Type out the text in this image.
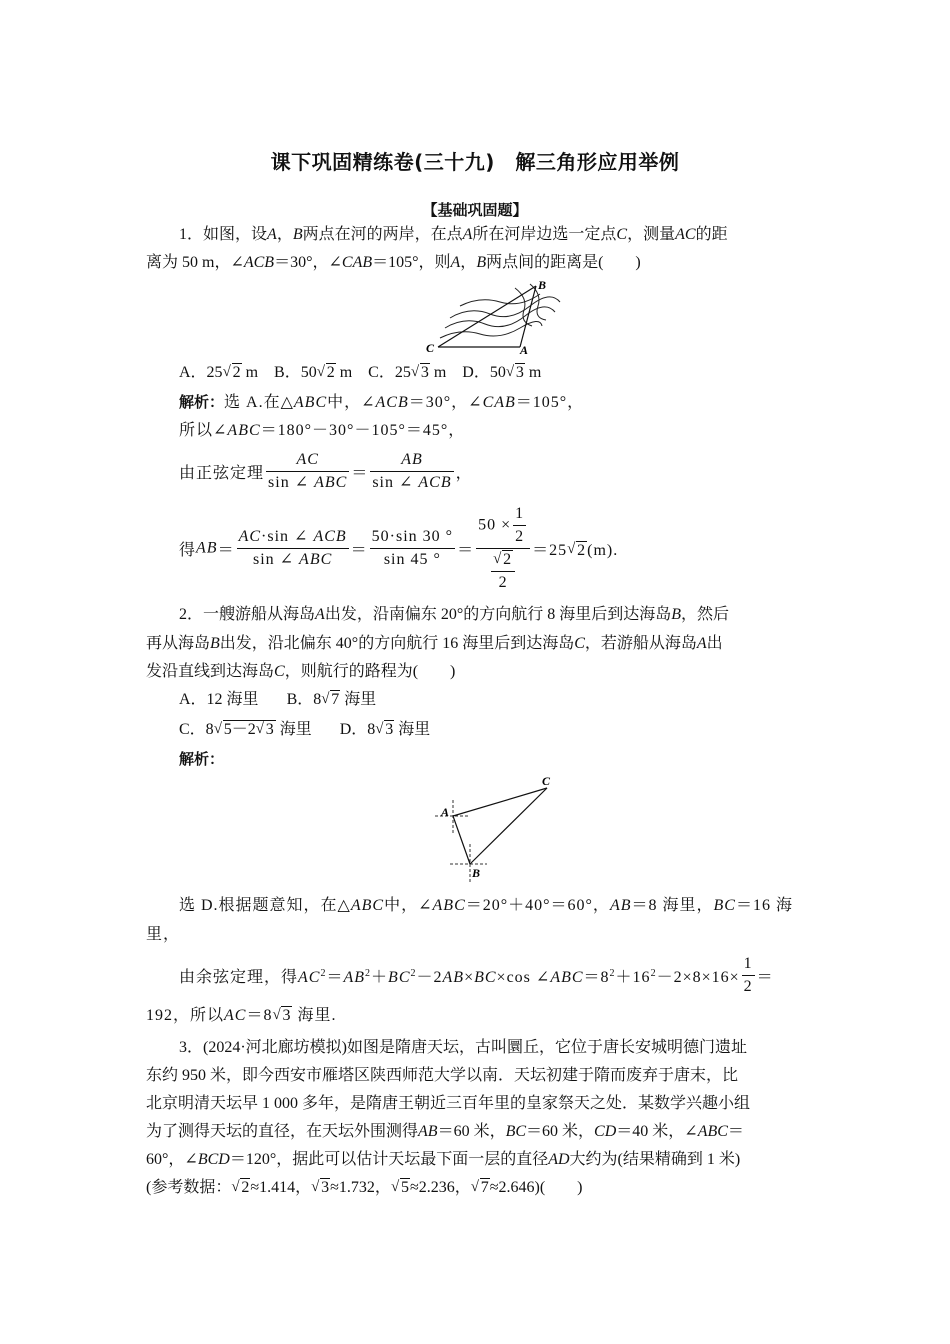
课下巩固精练卷(三十九)　解三角形应用举例
【基础巩固题】
1．如图，设A，B两点在河的两岸，在点A所在河岸边选一定点C，测量AC的距
离为 50 m，∠ACB＝30°，∠CAB＝105°，则A，B两点间的距离是(　　)
B
C	A
A．25√ 2 m B．50√ 2 m C．25√ 3 m D．50√ 3 m
解析：选 A.在△ABC中，∠ACB＝30°，∠CAB＝105°，
所以∠ABC＝180°－30°－105°＝45°，
由正弦定理 $\frac{AC}{\text{sin ∠ ABC}} = \frac{AB}{\text{sin ∠ ACB}}$ ，
得$AB= \frac{\text{AC·sin ∠ ACB}}{\text{sin ∠ ABC}} = \frac{50\cdot\sin 30 ^\circ}{\sin 45 ^\circ} = 50 \times \frac{1}{2}$
√ $\frac{2}{2} =25√$ 2(m).
2．一艘游船从海岛A出发，沿南偏东 20°的方向航行 8 海里后到达海岛B，然后
再从海岛B出发，沿北偏东 40°的方向航行 16 海里后到达海岛C，若游船从海岛A出
发沿直线到达海岛C，则航行的路程为(　　)
A．12 海里 B．8√ 7 海里
C．8√ 5－2√ 3 海里 D．8√ 3 海里
解析：
A
B
C
选 D.根据题意知，在△ABC中，∠ABC＝20°＋40°＝60°，AB＝8 海里，BC＝16 海
里，
由余弦定理，得$AC^2=AB^2+BC^2-2AB\times BC\times\cos$ $\angle ABC=8^2+16^2-2\times 8\times 16\times \frac{1}{2}$ ＝
192，所以AC＝8√ 3 海里.
3．(2024·河北廊坊模拟)如图是隋唐天坛，古叫圜丘，它位于唐长安城明德门遗址
东约 950 米，即今西安市雁塔区陕西师范大学以南．天坛初建于隋而废弃于唐末，比
北京明清天坛早 1 000 多年，是隋唐王朝近三百年里的皇家祭天之处．某数学兴趣小组
为了测得天坛的直径，在天坛外围测得AB＝60 米，BC＝60 米，CD＝40 米，∠ABC＝
60°，∠BCD＝120°，据此可以估计天坛最下面一层的直径AD大约为(结果精确到 1 米)
(参考数据：√ 2≈1.414，√ 3≈1.732，√ 5≈2.236，√ 7≈2.646)(　　)
